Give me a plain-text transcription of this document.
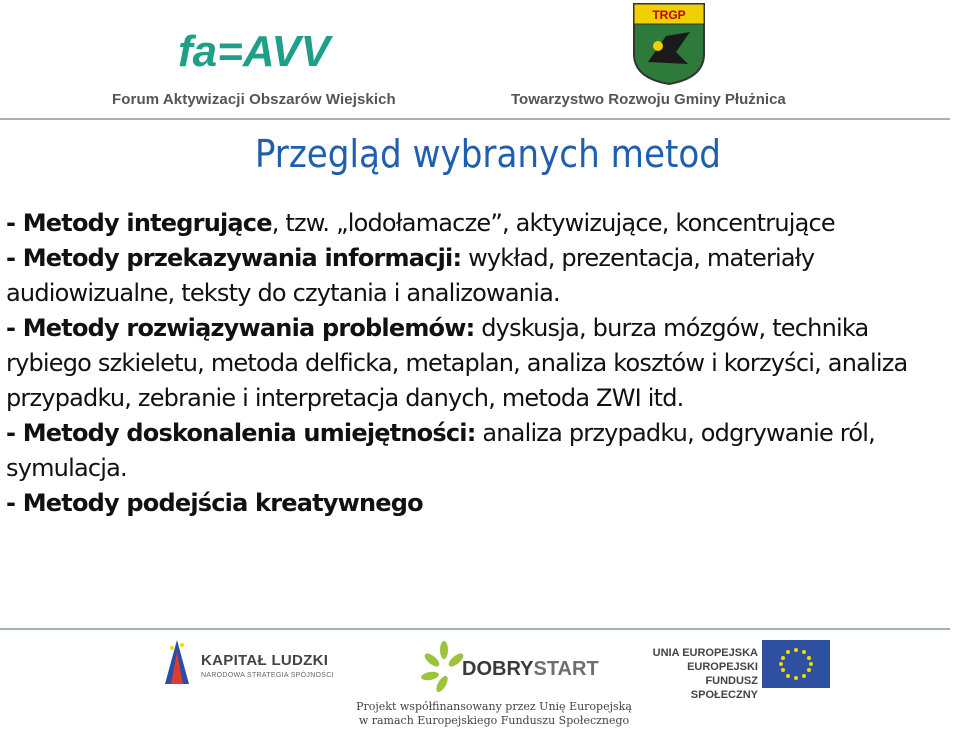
fa=AVV
Forum Aktywizacji Obszarów Wiejskich
TRGP
Towarzystwo Rozwoju Gminy Płużnica
Przegląd wybranych metod

- Metody integrujące, tzw. „lodołamacze”, aktywizujące, koncentrujące

- Metody przekazywania informacji: wykład, prezentacja, materiały audiowizualne, teksty do czytania i analizowania.

- Metody rozwiązywania problemów: dyskusja, burza mózgów, technika rybiego szkieletu, metoda delficka, metaplan, analiza kosztów i korzyści, analiza przypadku, zebranie i interpretacja danych, metoda ZWI itd.

- Metody doskonalenia umiejętności: analiza przypadku, odgrywanie ról, symulacja.

- Metody podejścia kreatywnego

KAPITAŁ LUDZKI
NARODOWA STRATEGIA SPÓJNOŚCI	DOBRYSTART
UNIA EUROPEJSKA
EUROPEJSKI
FUNDUSZ SPOŁECZNY
Projekt współfinansowany przez Unię Europejską
w ramach Europejskiego Funduszu Społecznego
